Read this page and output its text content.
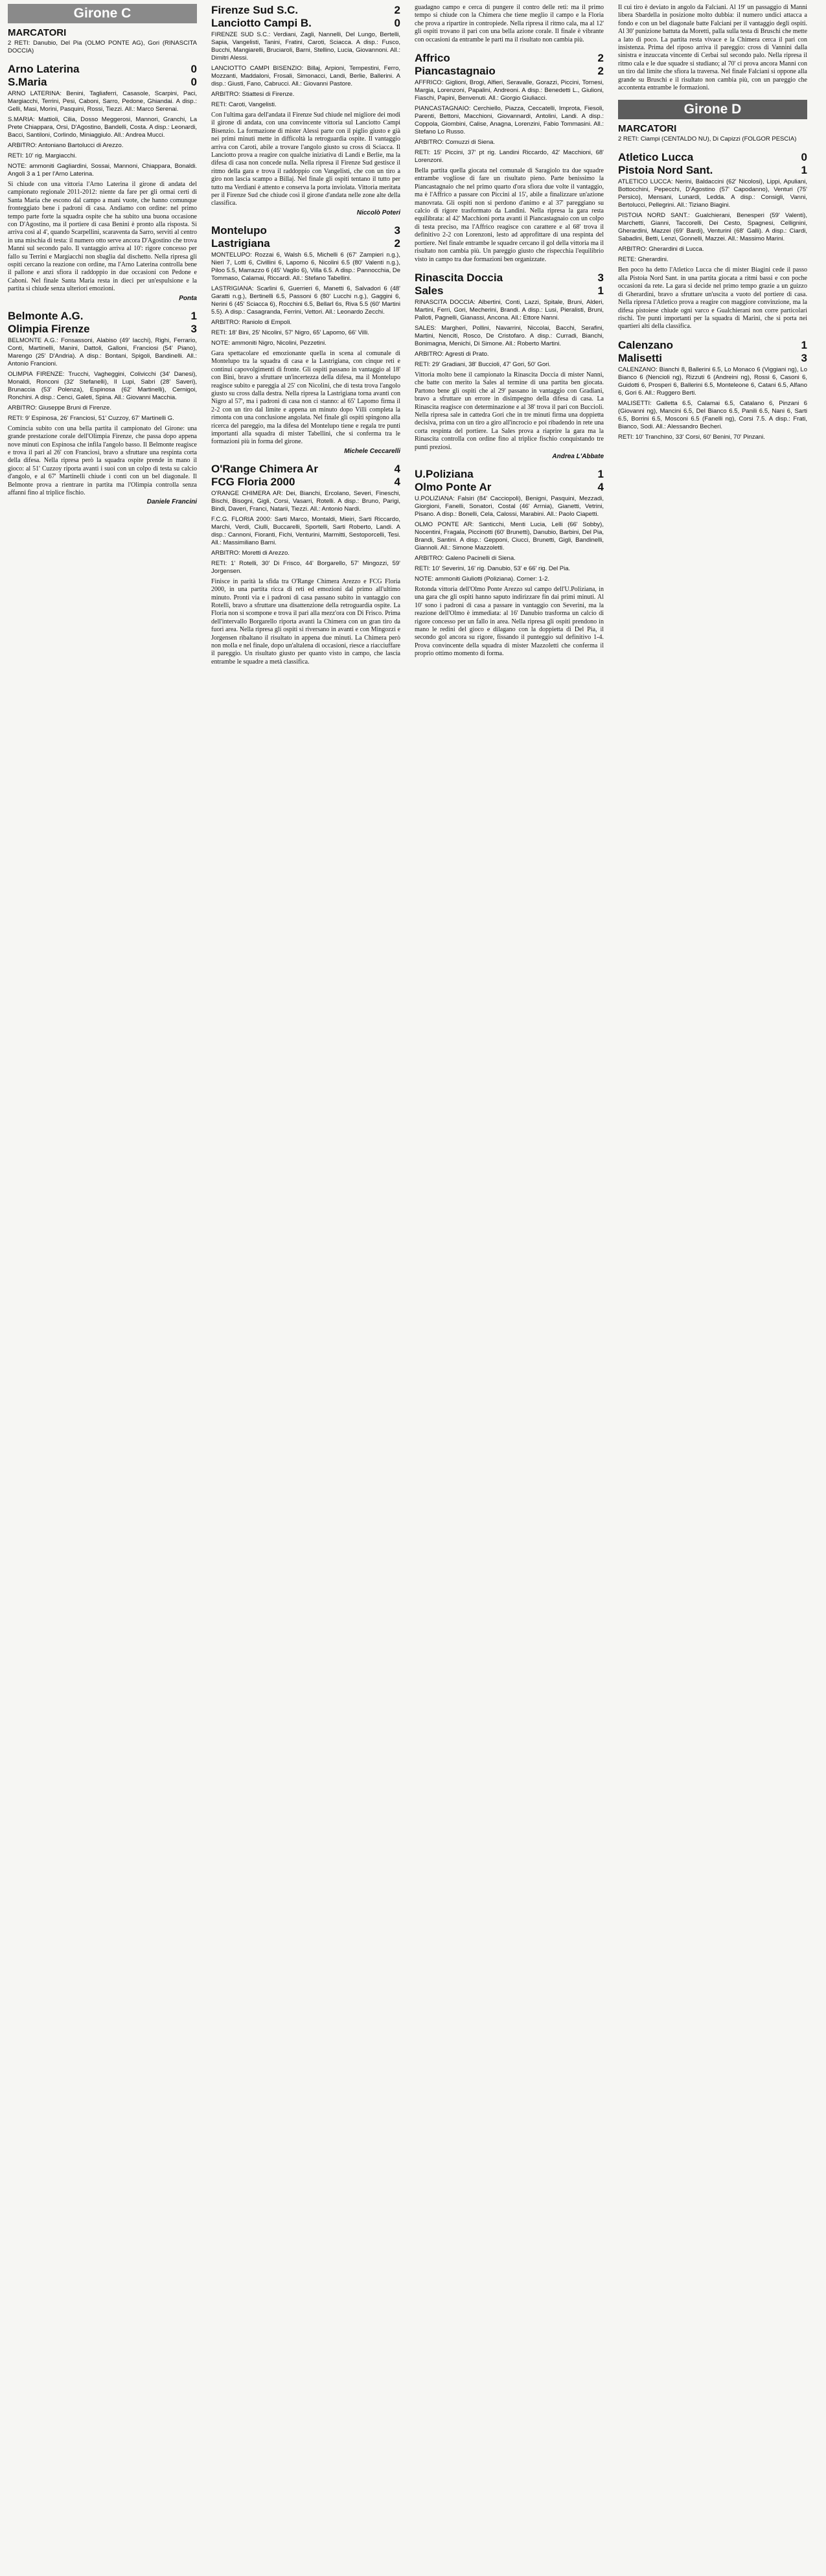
Girone C
MARCATORI
2 RETI: Danubio, Del Pia (OLMO PONTE AG), Gori (RINASCITA DOCCIA)
Arno Laterina	0
S.Maria	0
ARNO LATERINA: Benini, Tagliaferri, Casasole, Scarpini, Paci, Margiacchi, Terrini, Pesi, Caboni, Sarro, Pedone, Ghiandai. A disp.: Gelli, Masi, Morini, Pasquini, Rossi, Tiezzi. All.: Marco Serenai.
S.MARIA: Mattioli, Cilia, Dosso Meggerosi, Mannori, Granchi, La Prete Chiappara, Orsi, D'Agostino, Bandelli, Costa. A disp.: Leonardi, Bacci, Santiloni, Corlindo, Miniaggiulo. All.: Andrea Mucci.
ARBITRO: Antoniano Bartolucci di Arezzo.
RETI: 10' rig. Margiacchi.
NOTE: ammoniti Gagliardini, Sossai, Mannoni, Chiappara, Bonaldi. Angoli 3 a 1 per l'Arno Laterina.

Si chiude con una vittoria l'Arno Laterina il girone di andata del campionato regionale 2011-2012: niente da fare per gli ormai certi di Santa Maria che escono dal campo a mani vuote, che hanno comunque fronteggiato bene i padroni di casa. Andiamo con ordine: nel primo tempo parte forte la squadra ospite che ha subito una buona occasione con D'Agostino, ma il portiere di casa Benini è pronto alla risposta. Si arriva così al 4', quando Scarpellini, scaraventa da Sarro, serviti al centro in una mischia di testa: il numero otto serve ancora D'Agostino che trova Manni sul secondo palo. Il vantaggio arriva al 10': rigore concesso per fallo su Terrini e Margiacchi non sbaglia dal dischetto. Nella ripresa gli ospiti cercano la reazione con ordine, ma l'Arno Laterina controlla bene il pallone e anzi sfiora il raddoppio in due occasioni con Pedone e Caboni. Nel finale Santa Maria resta in dieci per un'espulsione e la partita si chiude senza ulteriori emozioni.

Ponta
Belmonte A.G.	1
Olimpia Firenze	3
BELMONTE A.G.: Fonsassoni, Alabiso (49' Iacchi), Righi, Ferrario, Conti, Martinelli, Manini, Dattoli, Galloni, Franciosi (54' Piano), Marengo (25' D'Andria). A disp.: Bontani, Spigoli, Bandinelli. All.: Antonio Francioni.
OLIMPIA FIRENZE: Trucchi, Vagheggini, Colivicchi (34' Danesi), Monaldi, Ronconi (32' Stefanelli), Il Lupi, Sabri (28' Saveri), Brunaccia (53' Polenza), Espinosa (62' Martinelli), Cernigoi, Ronchini. A disp.: Cenci, Galeti, Spina. All.: Giovanni Macchia.
ARBITRO: Giuseppe Bruni di Firenze.
RETI: 9' Espinosa, 26' Franciosi, 51' Cuzzoy, 67' Martinelli G.

Comincia subito con una bella partita il campionato del Girone: una grande prestazione corale dell'Olimpia Firenze, che passa dopo appena nove minuti con Espinosa che infila l'angolo basso. Il Belmonte reagisce e trova il pari al 26' con Franciosi, bravo a sfruttare una respinta corta della difesa. Nella ripresa però la squadra ospite prende in mano il gioco: al 51' Cuzzoy riporta avanti i suoi con un colpo di testa su calcio d'angolo, e al 67' Martinelli chiude i conti con un bel diagonale. Il Belmonte prova a rientrare in partita ma l'Olimpia controlla senza affanni fino al triplice fischio.

Daniele Francini
Firenze Sud S.C.	2
Lanciotto Campi B.	0
FIRENZE SUD S.C.: Verdiani, Zagli, Nannelli, Del Lungo, Bertelli, Sapia, Vangelisti, Tanini, Fratini, Caroti, Sciacca. A disp.: Fusco, Bucchi, Mangiarelli, Bruciaroli, Barni, Stellino, Lucia, Giovannoni. All.: Dimitri Alessi.
LANCIOTTO CAMPI BISENZIO: Billaj, Arpioni, Tempestini, Ferro, Mozzanti, Maddaloni, Frosali, Simonacci, Landi, Berlie, Ballerini. A disp.: Giusti, Fano, Cabrucci. All.: Giovanni Pastore.
ARBITRO: Stiattesi di Firenze.
RETI: Caroti, Vangelisti.

Con l'ultima gara dell'andata il Firenze Sud chiude nel migliore dei modi il girone di andata, con una convincente vittoria sul Lanciotto Campi Bisenzio. La formazione di mister Alessi parte con il piglio giusto e già nei primi minuti mette in difficoltà la retroguardia ospite. Il vantaggio arriva con Caroti, abile a trovare l'angolo giusto su cross di Sciacca. Il Lanciotto prova a reagire con qualche iniziativa di Landi e Berlie, ma la difesa di casa non concede nulla. Nella ripresa il Firenze Sud gestisce il ritmo della gara e trova il raddoppio con Vangelisti, che con un tiro a giro non lascia scampo a Billaj. Nel finale gli ospiti tentano il tutto per tutto ma Verdiani è attento e conserva la porta inviolata. Vittoria meritata per il Firenze Sud che chiude così il girone d'andata nelle zone alte della classifica.

Niccolò Poteri
Montelupo	3
Lastrigiana	2
MONTELUPO: Rozzai 6, Walsh 6.5, Michelli 6 (67' Zampieri n.g.), Nieri 7, Lotti 6, Civillini 6, Lapomo 6, Nicolini 6.5 (80' Valenti n.g.), Piloo 5.5, Marrazzo 6 (45' Vaglio 6), Villa 6.5. A disp.: Pannocchia, De Tommaso, Calamai, Riccardi. All.: Stefano Tabellini.
LASTRIGIANA: Scarlini 6, Guerrieri 6, Manetti 6, Salvadori 6 (48' Garatti n.g.), Bertinelli 6.5, Passoni 6 (80' Lucchi n.g.), Gaggini 6, Nerini 6 (45' Sciacca 6), Rocchini 6.5, Bellarl 6s, Riva 5.5 (60' Martini 5.5). A disp.: Casagranda, Ferrini, Vettori. All.: Leonardo Zecchi.
ARBITRO: Raniolo di Empoli.
RETI: 18' Bini, 25' Nicolini, 57' Nigro, 65' Lapomo, 66' Villi.
NOTE: ammoniti Nigro, Nicolini, Pezzetini.

Gara spettacolare ed emozionante quella in scena al comunale di Montelupo tra la squadra di casa e la Lastrigiana, con cinque reti e continui capovolgimenti di fronte. Gli ospiti passano in vantaggio al 18' con Bini, bravo a sfruttare un'incertezza della difesa, ma il Montelupo reagisce subito e pareggia al 25' con Nicolini, che di testa trova l'angolo giusto su cross dalla destra. Nella ripresa la Lastrigiana torna avanti con Nigro al 57', ma i padroni di casa non ci stanno: al 65' Lapomo firma il 2-2 con un tiro dal limite e appena un minuto dopo Villi completa la rimonta con una conclusione angolata. Nel finale gli ospiti spingono alla ricerca del pareggio, ma la difesa del Montelupo tiene e regala tre punti importanti alla squadra di mister Tabellini, che si conferma tra le formazioni più in forma del girone.

Michele Ceccarelli
O'Range Chimera Ar	4
FCG Floria 2000	4
O'RANGE CHIMERA AR: Dei, Bianchi, Ercolano, Severi, Fineschi, Bischi, Bisogni, Gigli, Corsi, Vasarri, Rotelli. A disp.: Bruno, Parigi, Bindi, Daveri, Franci, Natarii, Tiezzi. All.: Antonio Nardi.
F.C.G. FLORIA 2000: Sarti Marco, Montaldi, Mieiri, Sarti Riccardo, Marchi, Verdi, Ciulli, Buccarelli, Sportelli, Sarti Roberto, Landi. A disp.: Cannoni, Fioranti, Fichi, Venturini, Marmitti, Sestoporcelli, Tesi. All.: Massimiliano Barni.
ARBITRO: Moretti di Arezzo.
RETI: 1' Rotelli, 30' Di Frisco, 44' Borgarello, 57' Mingozzi, 59' Jorgensen.

Finisce in parità la sfida tra O'Range Chimera Arezzo e FCG Floria 2000, in una partita ricca di reti ed emozioni dal primo all'ultimo minuto. Pronti via e i padroni di casa passano subito in vantaggio con Rotelli, bravo a sfruttare una disattenzione della retroguardia ospite. La Floria non si scompone e trova il pari alla mezz'ora con Di Frisco. Prima dell'intervallo Borgarello riporta avanti la Chimera con un gran tiro da fuori area. Nella ripresa gli ospiti si riversano in avanti e con Mingozzi e Jorgensen ribaltano il risultato in appena due minuti. La Chimera però non molla e nel finale, dopo un'altalena di occasioni, riesce a riacciuffare il pareggio. Un risultato giusto per quanto visto in campo, che lascia entrambe le squadre a metà classifica.

guadagno campo e cerca di pungere il contro delle reti: ma il primo tempo si chiude con la Chimera che tiene meglio il campo e la Floria che prova a ripartire in contropiede. Nella ripresa il ritmo cala, ma al 12' gli ospiti trovano il pari con una bella azione corale. Il finale è vibrante con occasioni da entrambe le parti ma il risultato non cambia più.

Affrico	2
Piancastagnaio	2
AFFRICO: Giglioni, Brogi, Alfieri, Seravalle, Gorazzi, Piccini, Tornesi, Margia, Lorenzoni, Papalini, Andreoni. A disp.: Benedetti L., Giulioni, Fiaschi, Papini, Benvenuti. All.: Giorgio Giuliacci.
PIANCASTAGNAIO: Cerchiello, Piazza, Ceccatelli, Improta, Fiesoli, Parenti, Bettoni, Macchioni, Giovannardi, Antolini, Landi. A disp.: Coppola, Giombini, Calise, Anagna, Lorenzini, Fabio Tommasini. All.: Stefano Lo Russo.
ARBITRO: Comuzzi di Siena.
RETI: 15' Piccini, 37' pt rig. Landini Riccardo, 42' Macchioni, 68' Lorenzoni.

Bella partita quella giocata nel comunale di Saragiolo tra due squadre entrambe vogliose di fare un risultato pieno. Parte benissimo la Piancastagnaio che nel primo quarto d'ora sfiora due volte il vantaggio, ma è l'Affrico a passare con Piccini al 15', abile a finalizzare un'azione manovrata. Gli ospiti non si perdono d'animo e al 37' pareggiano su calcio di rigore trasformato da Landini. Nella ripresa la gara resta equilibrata: al 42' Macchioni porta avanti il Piancastagnaio con un colpo di testa preciso, ma l'Affrico reagisce con carattere e al 68' trova il definitivo 2-2 con Lorenzoni, lesto ad approfittare di una respinta del portiere. Nel finale entrambe le squadre cercano il gol della vittoria ma il risultato non cambia più. Un pareggio giusto che rispecchia l'equilibrio visto in campo tra due formazioni ben organizzate.

Rinascita Doccia	3
Sales	1
RINASCITA DOCCIA: Albertini, Conti, Lazzi, Spitale, Bruni, Alderi, Martini, Ferri, Gori, Mecherini, Brandi. A disp.: Lusi, Pieralisti, Bruni, Palloti, Pagnelli, Gianassi, Ancona. All.: Ettore Nanni.
SALES: Margheri, Pollini, Navarrini, Niccolai, Bacchi, Serafini, Martini, Nenciti, Rosco, De Cristofaro. A disp.: Curradi, Bianchi, Bonimagna, Menichi, Di Simone. All.: Roberto Martini.
ARBITRO: Agresti di Prato.
RETI: 29' Gradiani, 38' Buccioli, 47' Gori, 50' Gori.

Vittoria molto bene il campionato la Rinascita Doccia di mister Nanni, che batte con merito la Sales al termine di una partita ben giocata. Partono bene gli ospiti che al 29' passano in vantaggio con Gradiani, bravo a sfruttare un errore in disimpegno della difesa di casa. La Rinascita reagisce con determinazione e al 38' trova il pari con Buccioli. Nella ripresa sale in cattedra Gori che in tre minuti firma una doppietta decisiva, prima con un tiro a giro all'incrocio e poi ribadendo in rete una corta respinta del portiere. La Sales prova a riaprire la gara ma la Rinascita controlla con ordine fino al triplice fischio conquistando tre punti preziosi.

Andrea L'Abbate
U.Poliziana	1
Olmo Ponte Ar	4
U.POLIZIANA: Falsiri (84' Cacciopoli), Benigni, Pasquini, Mezzadi, Giorgioni, Fanelli, Sonatori, Costal (46' Arrnia), Gianetti, Vetrini, Pisano. A disp.: Bonelli, Cela, Calossi, Marabini. All.: Paolo Ciapetti.
OLMO PONTE AR: Santicchi, Menti Lucia, Lelli (66' Sobby), Nocentini, Fragala, Piccinotti (60' Brunetti), Danubio, Barbini, Del Pia, Brandi, Santini. A disp.: Gepponi, Ciucci, Brunetti, Gigli, Bandinelli, Giannoli. All.: Simone Mazzoletti.
ARBITRO: Galeno Pacinelli di Siena.
RETI: 10' Severini, 16' rig. Danubio, 53' e 66' rig. Del Pia.
NOTE: ammoniti Giuliotti (Poliziana). Corner: 1-2.

Rotonda vittoria dell'Olmo Ponte Arezzo sul campo dell'U.Poliziana, in una gara che gli ospiti hanno saputo indirizzare fin dai primi minuti. Al 10' sono i padroni di casa a passare in vantaggio con Severini, ma la reazione dell'Olmo è immediata: al 16' Danubio trasforma un calcio di rigore concesso per un fallo in area. Nella ripresa gli ospiti prendono in mano le redini del gioco e dilagano con la doppietta di Del Pia, il secondo gol ancora su rigore, fissando il punteggio sul definitivo 1-4. Prova convincente della squadra di mister Mazzoletti che conferma il proprio ottimo momento di forma.

Il cui tiro è deviato in angolo da Falciani. Al 19' un passaggio di Manni libera Sbardella in posizione molto dubbia: il numero undici attacca a fondo e con un bel diagonale batte Falciani per il vantaggio degli ospiti. Al 30' punizione battuta da Moretti, palla sulla testa di Bruschi che mette a lato di poco. La partita resta vivace e la Chimera cerca il pari con insistenza. Prima del riposo arriva il pareggio: cross di Vannini dalla sinistra e inzuccata vincente di Cerbai sul secondo palo. Nella ripresa il ritmo cala e le due squadre si studiano; al 70' ci prova ancora Manni con un tiro dal limite che sfiora la traversa. Nel finale Falciani si oppone alla grande su Bruschi e il risultato non cambia più, con un pareggio che accontenta entrambe le formazioni.

Girone D
MARCATORI
2 RETI: Ciampi (CENTALDO NU), Di Capizzi (FOLGOR PESCIA)
Atletico Lucca	0
Pistoia Nord Sant.	1
ATLETICO LUCCA: Nerini, Baldaccini (62' Nicolosi), Lippi, Apuliani, Bottocchini, Pepecchi, D'Agostino (57' Capodanno), Venturi (75' Persico), Mensani, Lunardi, Ledda. A disp.: Consigli, Vanni, Bertolucci, Pellegrini. All.: Tiziano Biagini.
PISTOIA NORD SANT.: Gualchierani, Benesperi (59' Valenti), Marchetti, Gianni, Taccorelli, Dei Cesto, Spagnesi, Cellignini, Gherardini, Mazzei (69' Bardi), Venturini (68' Galli). A disp.: Ciardi, Sabadini, Betti, Lenzi, Gonnelli, Mazzei. All.: Massimo Marini.
ARBITRO: Gherardini di Lucca.
RETE: Gherardini.

Ben poco ha detto l'Atletico Lucca che di mister Biagini cede il passo alla Pistoia Nord Sant. in una partita giocata a ritmi bassi e con poche occasioni da rete. La gara si decide nel primo tempo grazie a un guizzo di Gherardini, bravo a sfruttare un'uscita a vuoto del portiere di casa. Nella ripresa l'Atletico prova a reagire con maggiore convinzione, ma la difesa pistoiese chiude ogni varco e Gualchierani non corre particolari rischi. Tre punti importanti per la squadra di Marini, che si porta nei quartieri alti della classifica.

Calenzano	1
Malisetti	3
CALENZANO: Bianchi 8, Ballerini 6.5, Lo Monaco 6 (Viggiani ng), Lo Bianco 6 (Nencioli ng), Rizzuti 6 (Andreini ng), Rossi 6, Casoni 6, Guidotti 6, Prosperi 6, Ballerini 6.5, Monteleone 6, Catani 6.5, Alfano 6, Gori 6. All.: Ruggero Berti.
MALISETTI: Galletta 6.5, Calamai 6.5, Catalano 6, Pinzani 6 (Giovanni ng), Mancini 6.5, Del Bianco 6.5, Panili 6.5, Nani 6, Sarti 6.5, Borrini 6.5, Mosconi 6.5 (Fanelli ng), Corsi 7.5. A disp.: Frati, Bianco, Sodi. All.: Alessandro Becheri.
RETI: 10' Tranchino, 33' Corsi, 60' Benini, 70' Pinzani.
